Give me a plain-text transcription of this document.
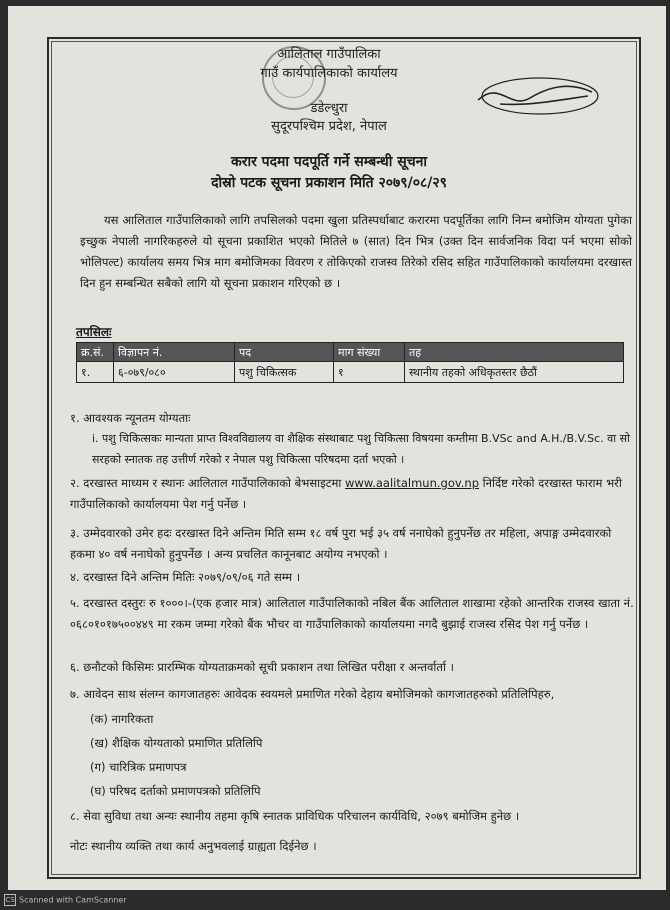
आलिताल गाउँपालिका
गाउँ कार्यपालिकाको कार्यालय
डडेल्धुरा
सुदूरपश्चिम प्रदेश, नेपाल
करार पदमा पदपूर्ति गर्ने सम्बन्धी सूचना
दोस्रो पटक सूचना प्रकाशन मिति २०७९/०८/२९
यस आलिताल गाउँपालिकाको लागि तपसिलको पदमा खुला प्रतिस्पर्धाबाट करारमा पदपूर्तिका लागि निम्न बमोजिम योग्यता पुगेका इच्छुक नेपाली नागरिकहरुले यो सूचना प्रकाशित भएको मितिले ७ (सात) दिन भित्र (उक्त दिन सार्वजनिक विदा पर्न भएमा सोको भोलिपल्ट) कार्यालय समय भित्र माग बमोजिमका विवरण र तोकिएको राजस्व तिरेको रसिद सहित गाउँपालिकाको कार्यालयमा दरखास्त दिन हुन सम्बन्धित सबैको लागि यो सूचना प्रकाशन गरिएको छ ।
तपसिलः
क्र.सं.	विज्ञापन नं.	पद	माग संख्या	तह
१.	६-०७९/०८०	पशु चिकित्सक	१	स्थानीय तहको अधिकृतस्तर छैठौं
१. आवश्यक न्यूनतम योग्यताः
i. पशु चिकित्सकः मान्यता प्राप्त विश्वविद्यालय वा शैक्षिक संस्थाबाट पशु चिकित्सा विषयमा कम्तीमा B.VSc and A.H./B.V.Sc. वा सो सरहको स्नातक तह उत्तीर्ण गरेको र नेपाल पशु चिकित्सा परिषदमा दर्ता भएको ।
२. दरखास्त माध्यम र स्थानः आलिताल गाउँपालिकाको बेभसाइटमा www.aalitalmun.gov.np निर्दिष्ट गरेको दरखास्त फाराम भरी गाउँपालिकाको कार्यालयमा पेश गर्नु पर्नेछ ।
३. उम्मेदवारको उमेर हदः दरखास्त दिने अन्तिम मिति सम्म १८ वर्ष पुरा भई ३५ वर्ष ननाघेको हुनुपर्नेछ तर महिला, अपाङ्ग उम्मेदवारको हकमा ४० वर्ष ननाघेको हुनुपर्नेछ । अन्य प्रचलित कानूनबाट अयोग्य नभएको ।
४. दरखास्त दिने अन्तिम मितिः २०७९/०९/०६ गते सम्म ।
५. दरखास्त दस्तुरः रु १०००।-(एक हजार मात्र) आलिताल गाउँपालिकाको नबिल बैंक आलिताल शाखामा रहेको आन्तरिक राजस्व खाता नं. ०६८०१०१७५००४४९ मा रकम जम्मा गरेको बैंक भौचर वा गाउँपालिकाको कार्यालयमा नगदै बुझाई राजस्व रसिद पेश गर्नु पर्नेछ ।
६. छनौटको किसिमः प्रारम्भिक योग्यताक्रमको सूची प्रकाशन तथा लिखित परीक्षा र अन्तर्वार्ता ।
७. आवेदन साथ संलग्न कागजातहरुः आवेदक स्वयमले प्रमाणित गरेको देहाय बमोजिमको कागजातहरुको प्रतिलिपिहरु,
(क) नागरिकता
(ख) शैक्षिक योग्यताको प्रमाणित प्रतिलिपि
(ग) चारित्रिक प्रमाणपत्र
(घ) परिषद दर्ताको प्रमाणपत्रको प्रतिलिपि
८. सेवा सुविधा तथा अन्यः स्थानीय तहमा कृषि स्नातक प्राविधिक परिचालन कार्यविधि, २०७९ बमोजिम हुनेछ ।
नोटः स्थानीय व्यक्ति तथा कार्य अनुभवलाई ग्राह्यता दिईनेछ ।
CS Scanned with CamScanner
